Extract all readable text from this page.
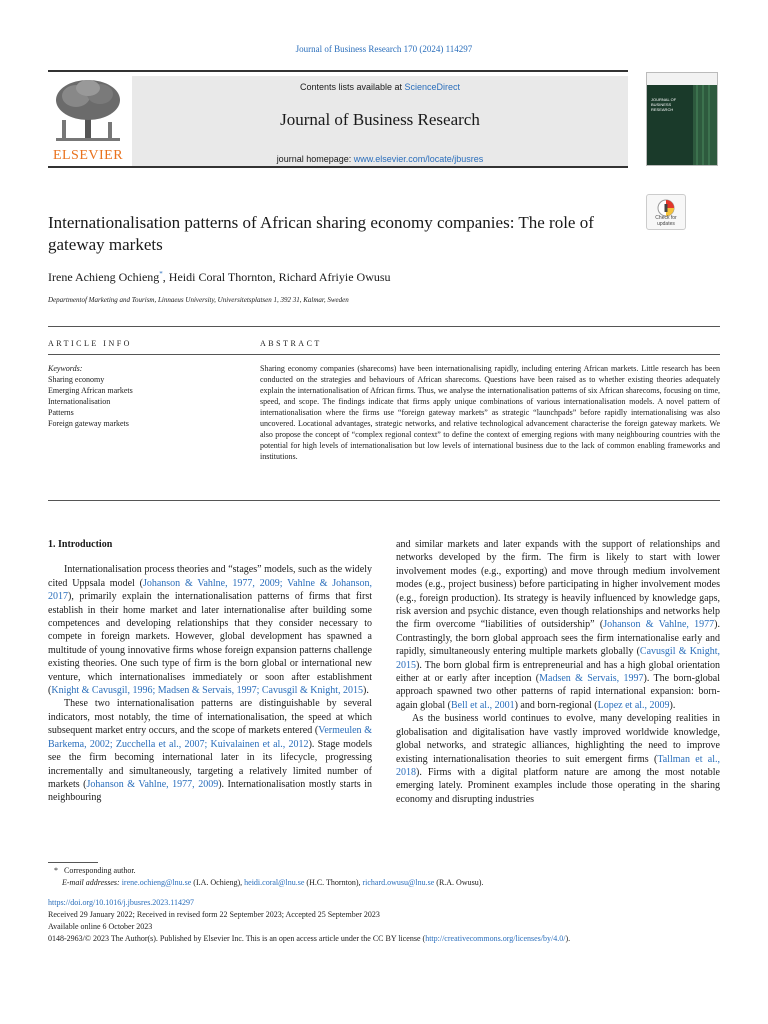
Journal of Business Research 170 (2024) 114297
ELSEVIER
Contents lists available at ScienceDirect
Journal of Business Research
journal homepage: www.elsevier.com/locate/jbusres
JOURNAL OF BUSINESS RESEARCH
Internationalisation patterns of African sharing economy companies: The role of gateway markets
Check for
updates
Irene Achieng Ochieng*, Heidi Coral Thornton, Richard Afriyie Owusu
Departmentof Marketing and Tourism, Linnaeus University, Universitetsplatsen 1, 392 31, Kalmar, Sweden
ARTICLE INFO	ABSTRACT
Keywords:
Sharing economy
Emerging African markets
Internationalisation
Patterns
Foreign gateway markets
Sharing economy companies (sharecoms) have been internationalising rapidly, including entering African markets. Little research has been conducted on the strategies and behaviours of African sharecoms. Questions have been raised as to whether existing theories adequately explain the internationalisation of African firms. Thus, we analyse the internationalisation patterns of six African sharecoms, focusing on time, speed, and scope. The findings indicate that firms apply unique combinations of various internationalisation models. A novel pattern of internationalisation where the firms use “foreign gateway markets” as strategic “launchpads” before rapidly internationalising was also uncovered. Locational advantages, strategic networks, and relative technological advancement characterise the foreign gateway markets. We also propose the concept of “complex regional context” to define the context of emerging regions with many neighbouring countries with the potential for high levels of internationalisation but low levels of international business due to the lack of common enabling frameworks and institutions.
1. Introduction

Internationalisation process theories and “stages” models, such as the widely cited Uppsala model (Johanson & Vahlne, 1977, 2009; Vahlne & Johanson, 2017), primarily explain the internationalisation patterns of firms that first establish in their home market and later internationalise after building some competences and developing relationships that they consider necessary to compete in foreign markets. However, global development has spawned a multitude of young innovative firms whose foreign expansion patterns challenge existing theories. One such type of firm is the born global or international new venture, which internationalises immediately or soon after establishment (Knight & Cavusgil, 1996; Madsen & Servais, 1997; Cavusgil & Knight, 2015).

These two internationalisation patterns are distinguishable by several indicators, most notably, the time of internationalisation, the speed at which subsequent market entry occurs, and the scope of markets entered (Vermeulen & Barkema, 2002; Zucchella et al., 2007; Kuivalainen et al., 2012). Stage models see the firm becoming international later in its lifecycle, progressing incrementally and simultaneously, targeting a relatively limited number of markets (Johanson & Vahlne, 1977, 2009). Internationalisation mostly starts in neighbouring

and similar markets and later expands with the support of relationships and networks developed by the firm. The firm is likely to start with lower involvement modes (e.g., exporting) and move through medium involvement modes (e.g., project business) before participating in higher involvement modes (e.g., foreign production). Its strategy is heavily influenced by knowledge gaps, risk aversion and psychic distance, even though relationships and networks help the firm overcome “liabilities of outsidership” (Johanson & Vahlne, 1977). Contrastingly, the born global approach sees the firm internationalise early and rapidly, simultaneously entering multiple markets globally (Cavusgil & Knight, 2015). The born global firm is entrepreneurial and has a high global orientation either at or early after inception (Madsen & Servais, 1997). The born-global approach spawned two other patterns of rapid international expansion: born-again global (Bell et al., 2001) and born-regional (Lopez et al., 2009).

As the business world continues to evolve, many developing realities in globalisation and digitalisation have vastly improved worldwide knowledge, global networks, and strategic alliances, highlighting the need to improve existing internationalisation theories to suit emergent firms (Tallman et al., 2018). Firms with a digital platform nature are among the most notable emerging lately. Prominent examples include those operating in the sharing economy and disrupting industries

* Corresponding author.
E-mail addresses: irene.ochieng@lnu.se (I.A. Ochieng), heidi.coral@lnu.se (H.C. Thornton), richard.owusu@lnu.se (R.A. Owusu).
https://doi.org/10.1016/j.jbusres.2023.114297
Received 29 January 2022; Received in revised form 22 September 2023; Accepted 25 September 2023
Available online 6 October 2023
0148-2963/© 2023 The Author(s). Published by Elsevier Inc. This is an open access article under the CC BY license (http://creativecommons.org/licenses/by/4.0/).
